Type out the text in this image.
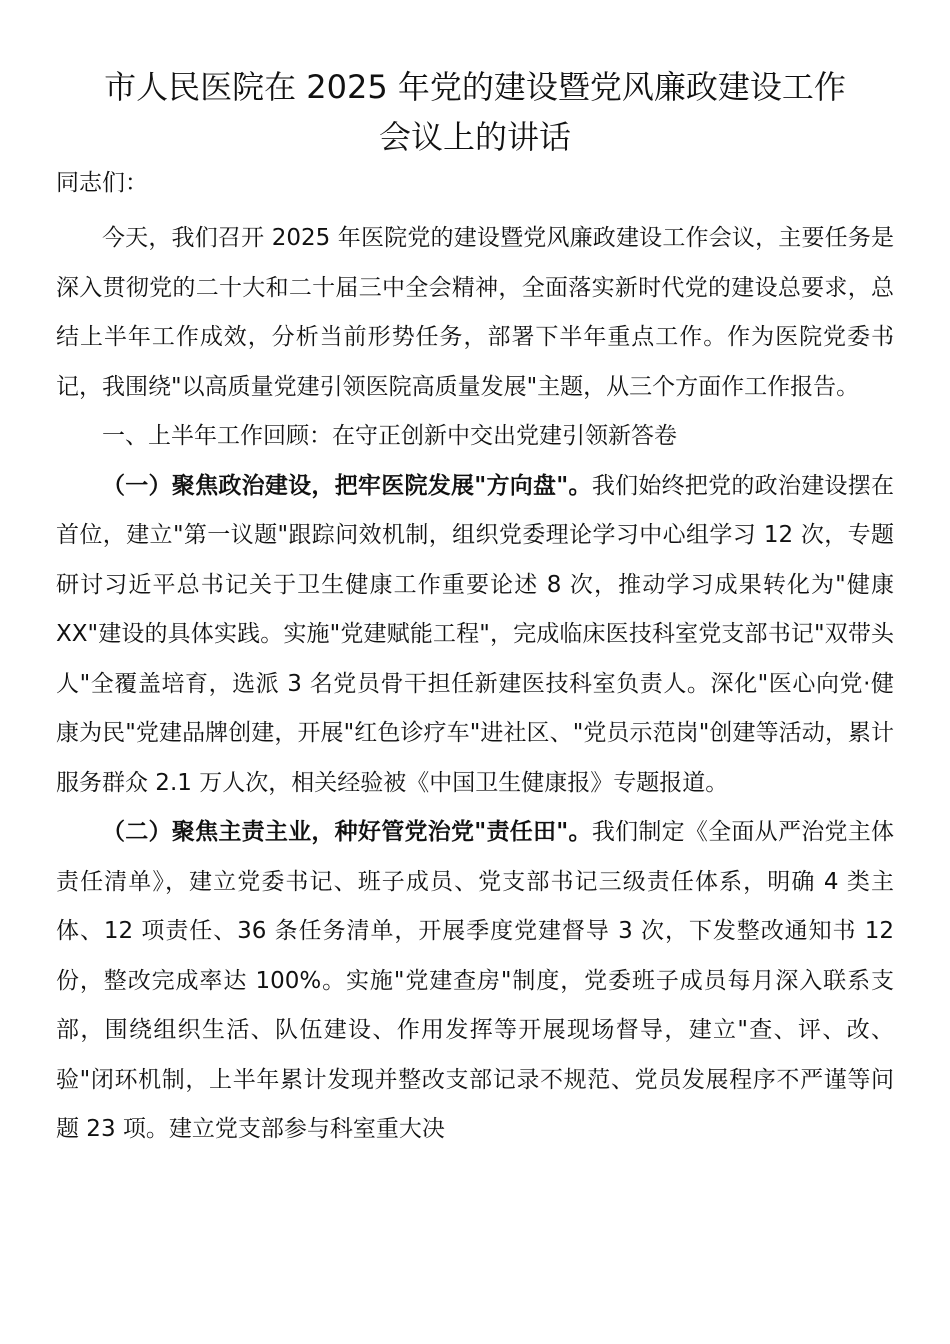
市人民医院在 2025 年党的建设暨党风廉政建设工作
会议上的讲话

同志们：

今天，我们召开 2025 年医院党的建设暨党风廉政建设工作会议，主要任务是深入贯彻党的二十大和二十届三中全会精神，全面落实新时代党的建设总要求，总结上半年工作成效，分析当前形势任务，部署下半年重点工作。作为医院党委书记，我围绕"以高质量党建引领医院高质量发展"主题，从三个方面作工作报告。

一、上半年工作回顾：在守正创新中交出党建引领新答卷

（一）聚焦政治建设，把牢医院发展"方向盘"。我们始终把党的政治建设摆在首位，建立"第一议题"跟踪问效机制，组织党委理论学习中心组学习 12 次，专题研讨习近平总书记关于卫生健康工作重要论述 8 次，推动学习成果转化为"健康 XX"建设的具体实践。实施"党建赋能工程"，完成临床医技科室党支部书记"双带头人"全覆盖培育，选派 3 名党员骨干担任新建医技科室负责人。深化"医心向党·健康为民"党建品牌创建，开展"红色诊疗车"进社区、"党员示范岗"创建等活动，累计服务群众 2.1 万人次，相关经验被《中国卫生健康报》专题报道。

（二）聚焦主责主业，种好管党治党"责任田"。我们制定《全面从严治党主体责任清单》，建立党委书记、班子成员、党支部书记三级责任体系，明确 4 类主体、12 项责任、36 条任务清单，开展季度党建督导 3 次，下发整改通知书 12 份，整改完成率达 100%。实施"党建查房"制度，党委班子成员每月深入联系支部，围绕组织生活、队伍建设、作用发挥等开展现场督导，建立"查、评、改、验"闭环机制，上半年累计发现并整改支部记录不规范、党员发展程序不严谨等问题 23 项。建立党支部参与科室重大决
